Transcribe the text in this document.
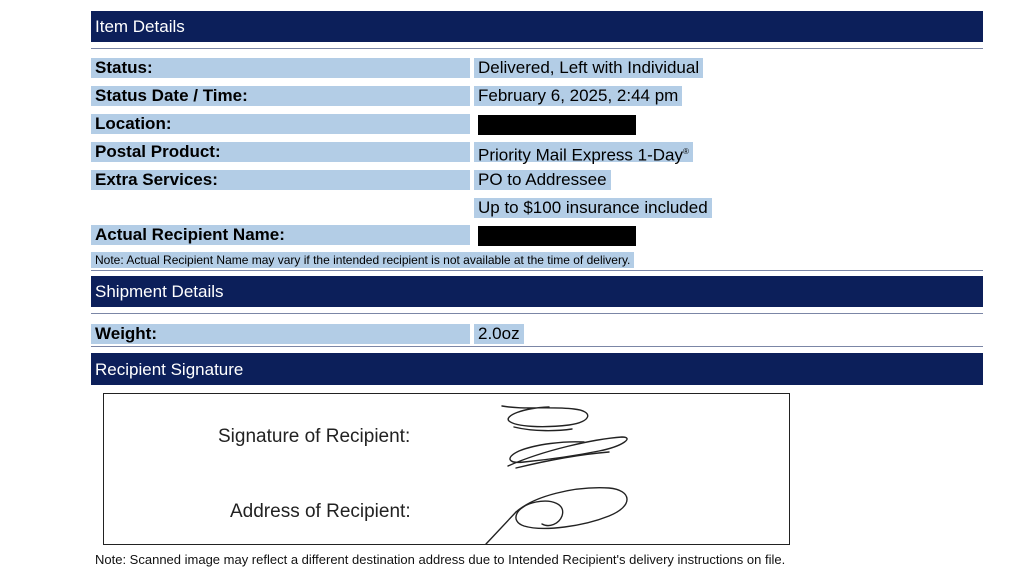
Item Details
Status:	Delivered, Left with Individual
Status Date / Time:	February 6, 2025, 2:44 pm
Location:
Postal Product:	Priority Mail Express 1-Day®
Extra Services:	PO to Addressee
Up to $100 insurance included
Actual Recipient Name:
Note: Actual Recipient Name may vary if the intended recipient is not available at the time of delivery.
Shipment Details
Weight:	2.0oz
Recipient Signature
Signature of Recipient:
Address of Recipient:
Note: Scanned image may reflect a different destination address due to Intended Recipient's delivery instructions on file.
